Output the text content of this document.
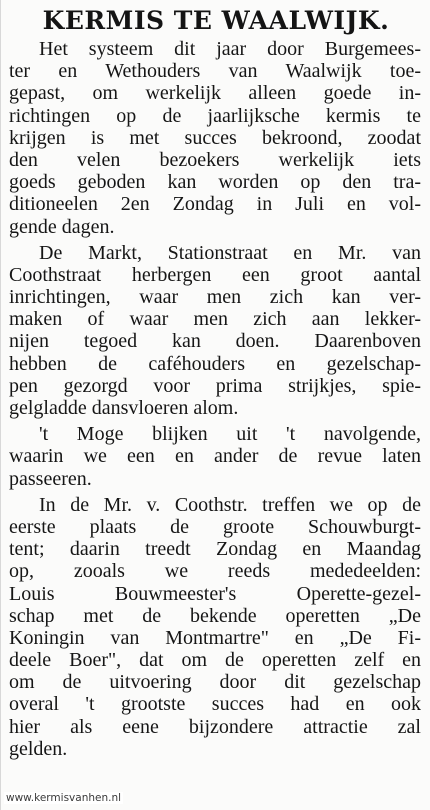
KERMIS TE WAALWIJK.
Het systeem dit jaar door Burgemees-
ter en Wethouders van Waalwijk toe-
gepast, om werkelijk alleen goede in-
richtingen op de jaarlijksche kermis te
krijgen is met succes bekroond, zoodat
den velen bezoekers werkelijk iets
goeds geboden kan worden op den tra-
ditioneelen 2en Zondag in Juli en vol-
gende dagen.
De Markt, Stationstraat en Mr. van
Coothstraat herbergen een groot aantal
inrichtingen, waar men zich kan ver-
maken of waar men zich aan lekker-
nijen tegoed kan doen. Daarenboven
hebben de caféhouders en gezelschap-
pen gezorgd voor prima strijkjes, spie-
gelgladde dansvloeren alom.
't Moge blijken uit 't navolgende,
waarin we een en ander de revue laten
passeeren.
In de Mr. v. Coothstr. treffen we op de
eerste plaats de groote Schouwburgt-
tent; daarin treedt Zondag en Maandag
op, zooals we reeds mededeelden:
Louis Bouwmeester's Operette-gezel-
schap met de bekende operetten „De
Koningin van Montmartre" en „De Fi-
deele Boer", dat om de operetten zelf en
om de uitvoering door dit gezelschap
overal 't grootste succes had en ook
hier als eene bijzondere attractie zal
gelden.
www.kermisvanhen.nl
